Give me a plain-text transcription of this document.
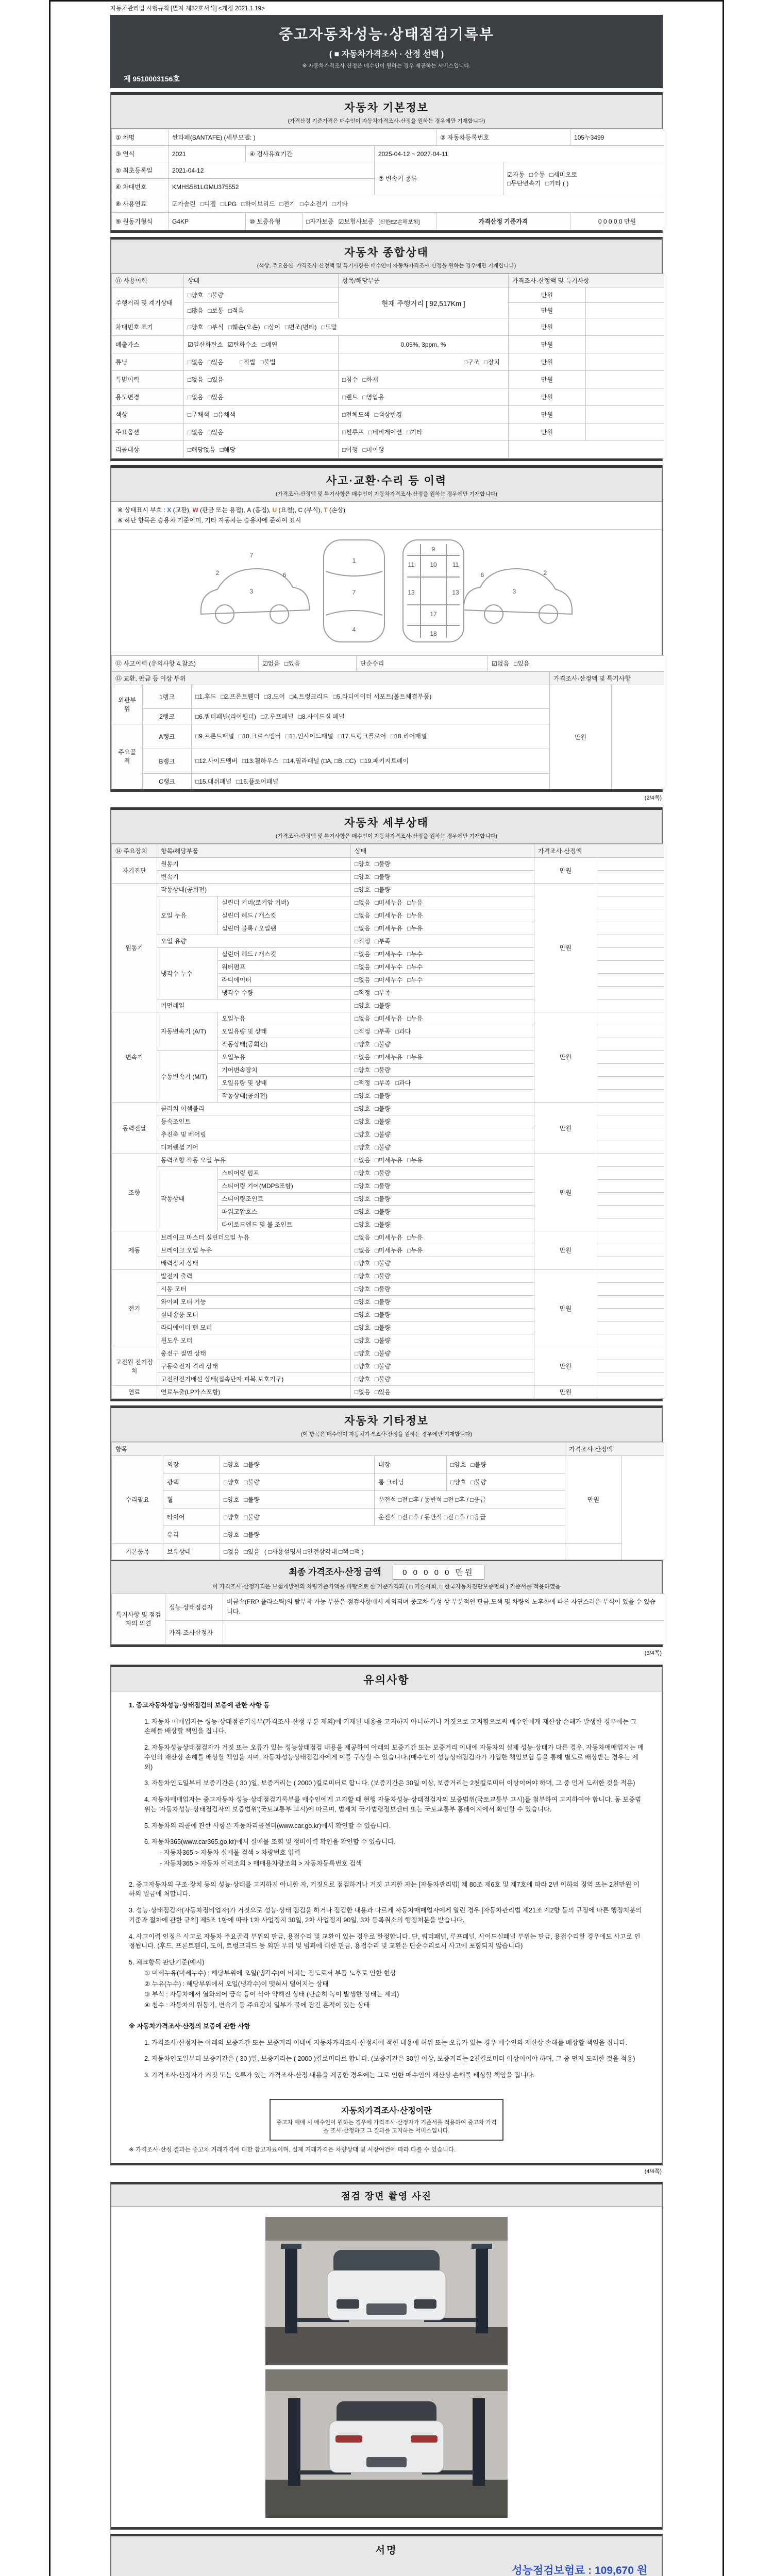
자동차관리법 시행규칙 [별지 제82호서식] <개정 2021.1.19>
중고자동차성능·상태점검기록부
( ■ 자동차가격조사 · 산정 선택 )
※ 자동차가격조사·산정은 매수인이 원하는 경우 제공하는 서비스입니다.
제 9510003156호
자동차 기본정보
(가격산정 기준가격은 매수인이 자동차가격조사·산정을 원하는 경우에만 기재합니다)
① 차명	싼타페(SANTAFE) (세부모델: )				② 자동차등록번호		105누3499
③ 연식	2021	④ 검사유효기간		2025-04-12 ~ 2027-04-11			
⑤ 최초등록일	2021-04-12			⑦ 변속기 종류		☑자동 □수동 □세미오토
□무단변속기 □기타 ( )	

⑥ 차대번호	KMHS581LGMU375552						
⑧ 사용연료	☑가솔린 □디젤 □LPG □하이브리드 □전기 □수소전기 □기타						
⑨ 원동기형식	G4KP	⑩ 보증유형	□자가보증 ☑보험사보증 [신한EZ손해보험]		가격산정 기준가격		0 0 0 0 0 만원
자동차 종합상태
(색상, 주요옵션, 가격조사·산정액 및 특기사항은 매수인이 자동차가격조사·산정을 원하는 경우에만 기재합니다)
⑪ 사용이력	상태	항목/해당부품	가격조사·산정액 및 특기사항	
주행거리 및 계기상태	□양호 □불량	현재 주행거리 [ 92,517Km ]	만원	
	□많음 □보통 □적음		만원	
차대번호 표기	□양호 □부식 □훼손(오손) □상이 □변조(변타) □도말		만원	
배출가스	☑일산화탄소 ☑탄화수소 □매연	0.05%, 3ppm, %	만원	
튜닝	□없음 □있음 □적법 □불법	□구조 □장치	만원	
특별이력	□없음 □있음	□침수 □화재	만원	
용도변경	□없음 □있음	□렌트 □영업용	만원	
색상	□무채색 □유채색	□전체도색 □색상변경	만원	
주요옵션	□없음 □있음	□썬루프 □네비게이션 □기타	만원	
리콜대상	□해당없음 □해당	□이행 □미이행		
사고·교환·수리 등 이력
(가격조사·산정액 및 특기사항은 매수인이 자동차가격조사·산정을 원하는 경우에만 기재합니다)
※ 상태표시 부호 : X (교환), W (판금 또는 용접), A (흠집), U (요철), C (부식), T (손상)
※ 하단 항목은 승용차 기준이며, 기타 자동차는 승용차에 준하여 표시
2
3
6
7
1
7
4
9
10
11	11
13	13
17
18
2
3
6
⑫ 사고이력 (유의사항 4.참조)	☑없음 □있음	단순수리	☑없음 □있음
⑬ 교환, 판금 등 이상 부위			가격조사·산정액 및 특기사항	
외판부위	1랭크	□1.후드 □2.프론트휀더 □3.도어 □4.트렁크리드 □5.라디에이터 서포트(볼트체결부품)	만원	
	2랭크	□6.쿼터패널(리어휀더) □7.루프패널 □8.사이드실 패널		
주요골격	A랭크	□9.프론트패널 □10.크로스멤버 □11.인사이드패널 □17.트렁크플로어 □18.리어패널		
	B랭크	□12.사이드멤버 □13.휠하우스 □14.필라패널 (□A, □B, □C) □19.패키지트레이		
	C랭크	□15.대쉬패널 □16.플로어패널		
(2/4쪽)
자동차 세부상태
(가격조사·산정액 및 특기사항은 매수인이 자동차가격조사·산정을 원하는 경우에만 기재합니다)
⑭ 주요장치	항목/해당부품		상태	가격조사·산정액	
자기진단	원동기		□양호 □불량	만원	
	변속기		□양호 □불량		
원동기	작동상태(공회전)		□양호 □불량	만원	
	오일 누유	실린더 커버(로커암 커버)	□없음 □미세누유 □누유		
		실린더 헤드 / 개스킷	□없음 □미세누유 □누유		
		실린더 블록 / 오일팬	□없음 □미세누유 □누유		
	오일 유량		□적정 □부족		
	냉각수 누수	실린더 헤드 / 개스킷	□없음 □미세누수 □누수		
		워터펌프	□없음 □미세누수 □누수		
		라디에이터	□없음 □미세누수 □누수		
		냉각수 수량	□적정 □부족		
	커먼레일		□양호 □불량		
변속기	자동변속기 (A/T)	오일누유	□없음 □미세누유 □누유	만원	
		오일유량 및 상태	□적정 □부족 □과다		
		작동상태(공회전)	□양호 □불량		
	수동변속기 (M/T)	오일누유	□없음 □미세누유 □누유		
		기어변속장치	□양호 □불량		
		오일유량 및 상태	□적정 □부족 □과다		
		작동상태(공회전)	□양호 □불량		
동력전달	클러치 어셈블리		□양호 □불량	만원	
	등속조인트		□양호 □불량		
	추진축 및 베어링		□양호 □불량		
	디퍼렌셜 기어		□양호 □불량		
조향	동력조향 작동 오일 누유		□없음 □미세누유 □누유	만원	
	작동상태	스티어링 펌프	□양호 □불량		
		스티어링 기어(MDPS포함)	□양호 □불량		
		스티어링조인트	□양호 □불량		
		파워고압호스	□양호 □불량		
		타이로드엔드 및 볼 조인트	□양호 □불량		
제동	브레이크 마스터 실린더오일 누유		□없음 □미세누유 □누유	만원	
	브레이크 오일 누유		□없음 □미세누유 □누유		
	배력장치 상태		□양호 □불량		
전기	발전기 출력		□양호 □불량	만원	
	시동 모터		□양호 □불량		
	와이퍼 모터 기능		□양호 □불량		
	실내송풍 모터		□양호 □불량		
	라디에이터 팬 모터		□양호 □불량		
	윈도우 모터		□양호 □불량		
고전원 전기장치	충전구 절연 상태		□양호 □불량	만원	
	구동축전지 격리 상태		□양호 □불량		
	고전원전기배선 상태(접속단자,피복,보호기구)		□양호 □불량		
연료	연료누출(LP가스포함)		□없음 □있음	만원	
자동차 기타정보
(이 항목은 매수인이 자동차가격조사·산정을 원하는 경우에만 기재합니다)
항목					가격조사·산정액	
수리필요	외장	□양호 □불량	내장	□양호 □불량	만원	
	광택	□양호 □불량	룸 크리닝	□양호 □불량		
	휠	□양호 □불량	운전석 □전 □후 / 동반석 □전 □후 / □응급			
	타이어	□양호 □불량	운전석 □전 □후 / 동반석 □전 □후 / □응급			
	유리	□양호 □불량				
기본품목	보유상태	□없음 □있음 ( □사용설명서 □안전삼각대 □잭 □잭 )				
최종 가격조사·산정 금액	0 0 0 0 0 만원
이 가격조사·산정가격은 보험개발원의 차량기준가액을 바탕으로 한 기준가격과 ( □ 기술사회, □ 한국자동차진단보증협회 ) 기준서를 적용하였음
특기사항 및 점검자의 의견	성능·상태점검자	비금속(FRP 플라스틱)의 탈부착 가능 부품은 점검사항에서 제외되며 중고차 특성 상 부분적인 판금,도색 및 차량의 노후화에 따른 자연스러운 부식이 있을 수 있습니다.
	가격·조사산정자	
(3/4쪽)
유의사항
1. 중고자동차성능·상태점검의 보증에 관한 사항 등
1. 자동차 매매업자는 성능·상태점검기록부(가격조사·산정 부분 제외)에 기재된 내용을 고지하지 아니하거나 거짓으로 고지함으로써 매수인에게 재산상 손해가 발생한 경우에는 그 손해를 배상할 책임을 집니다.
2. 자동차성능상태점검자가 거짓 또는 오류가 있는 성능상태점검 내용을 제공하여 아래의 보증기간 또는 보증거리 이내에 자동차의 실제 성능·상태가 다른 경우, 자동차매매업자는 매수인의 재산상 손해를 배상할 책임을 지며, 자동차성능상태점검자에게 이를 구상할 수 있습니다.(매수인이 성능상태점검자가 가입한 책임보험 등을 통해 별도로 배상받는 경우는 제외)
3. 자동차인도일부터 보증기간은 ( 30 )일, 보증거리는 ( 2000 )킬로미터로 합니다. (보증기간은 30일 이상, 보증거리는 2천킬로미터 이상이어야 하며, 그 중 먼저 도래한 것을 적용)
4. 자동차매매업자는 중고자동차 성능·상태점검기록부를 매수인에게 고지할 때 현행 자동차성능·상태점검자의 보증범위(국토교통부 고시)를 첨부하여 고지하여야 합니다. 동 보증범위는 '자동차성능·상태점검자의 보증범위'(국토교통부 고시)에 따르며, 법제처 국가법령정보센터 또는 국토교통부 홈페이지에서 확인할 수 있습니다.
5. 자동차의 리콜에 관한 사항은 자동차리콜센터(www.car.go.kr)에서 확인할 수 있습니다.
6. 자동차365(www.car365.go.kr)에서 실매물 조회 및 정비이력 확인을 확인할 수 있습니다.
- 자동차365 > 자동차 실매물 검색 > 차량번호 입력
- 자동차365 > 자동차 이력조회 > 매매용차량조회 > 자동차등록번호 검색
2. 중고자동차의 구조·장치 등의 성능·상태를 고지하지 아니한 자, 거짓으로 점검하거나 거짓 고지한 자는 [자동차관리법] 제 80조 제6호 및 제7호에 따라 2년 이하의 징역 또는 2천만원 이하의 벌금에 처합니다.
3. 성능·상태점검자(자동차정비업자)가 거짓으로 성능·상태 점검을 하거나 점검한 내용과 다르게 자동차매매업자에게 알린 경우 [자동차관리법 제21조 제2항 등의 규정에 따른 행정처분의 기준과 절차에 관한 규칙] 제5조 1항에 따라 1차 사업정지 30일, 2차 사업정지 90일, 3차 등록취소의 행정처분을 받습니다.
4. 사고이력 인정은 사고로 자동차 주요골격 부위의 판금, 용접수리 및 교환이 있는 경우로 한정합니다. 단, 쿼터패널, 루프패널, 사이드실패널 부위는 판금, 용접수리한 경우에도 사고로 인정됩니다. (후드, 프론트휀더, 도어, 트렁크리드 등 외판 부위 및 범퍼에 대한 판금, 용접수리 및 교환은 단순수리로서 사고에 포함되지 않습니다)
5. 체크항목 판단기준(예시)
① 미세누유(미세누수) : 해당부위에 오일(냉각수)이 비치는 정도로서 부품 노후로 인한 현상
② 누유(누수) : 해당부위에서 오일(냉각수)이 맺혀서 떨어지는 상태
③ 부식 : 자동차에서 열화되어 금속 등이 삭아 약해진 상태 (단순히 녹이 발생한 상태는 제외)
④ 침수 : 자동차의 원동기, 변속기 등 주요장치 일부가 물에 잠긴 흔적이 있는 상태
※ 자동차가격조사·산정의 보증에 관한 사항
1. 가격조사·산정자는 아래의 보증기간 또는 보증거리 이내에 자동차가격조사·산정서에 적힌 내용에 허위 또는 오류가 있는 경우 매수인의 재산상 손해를 배상할 책임을 집니다.
2. 자동차인도일부터 보증기간은 ( 30 )일, 보증거리는 ( 2000 )킬로미터로 합니다. (보증기간은 30일 이상, 보증거리는 2천킬로미터 이상이어야 하며, 그 중 먼저 도래한 것을 적용)
3. 가격조사·산정자가 거짓 또는 오류가 있는 가격조사·산정 내용을 제공한 경우에는 그로 인한 매수인의 재산상 손해를 배상할 책임을 집니다.
자동차가격조사·산정이란
중고차 매매 시 매수인이 원하는 경우에 가격조사·산정자가 기준서를 적용하여 중고차 가격을 조사·산정하고 그 결과를 고지하는 서비스입니다.
※ 가격조사·산정 결과는 중고차 거래가격에 대한 참고자료이며, 실제 거래가격은 차량상태 및 시장여건에 따라 다를 수 있습니다.
(4/4쪽)
점검 장면 촬영 사진
서명
성능점검보험료 : 109,670 원
